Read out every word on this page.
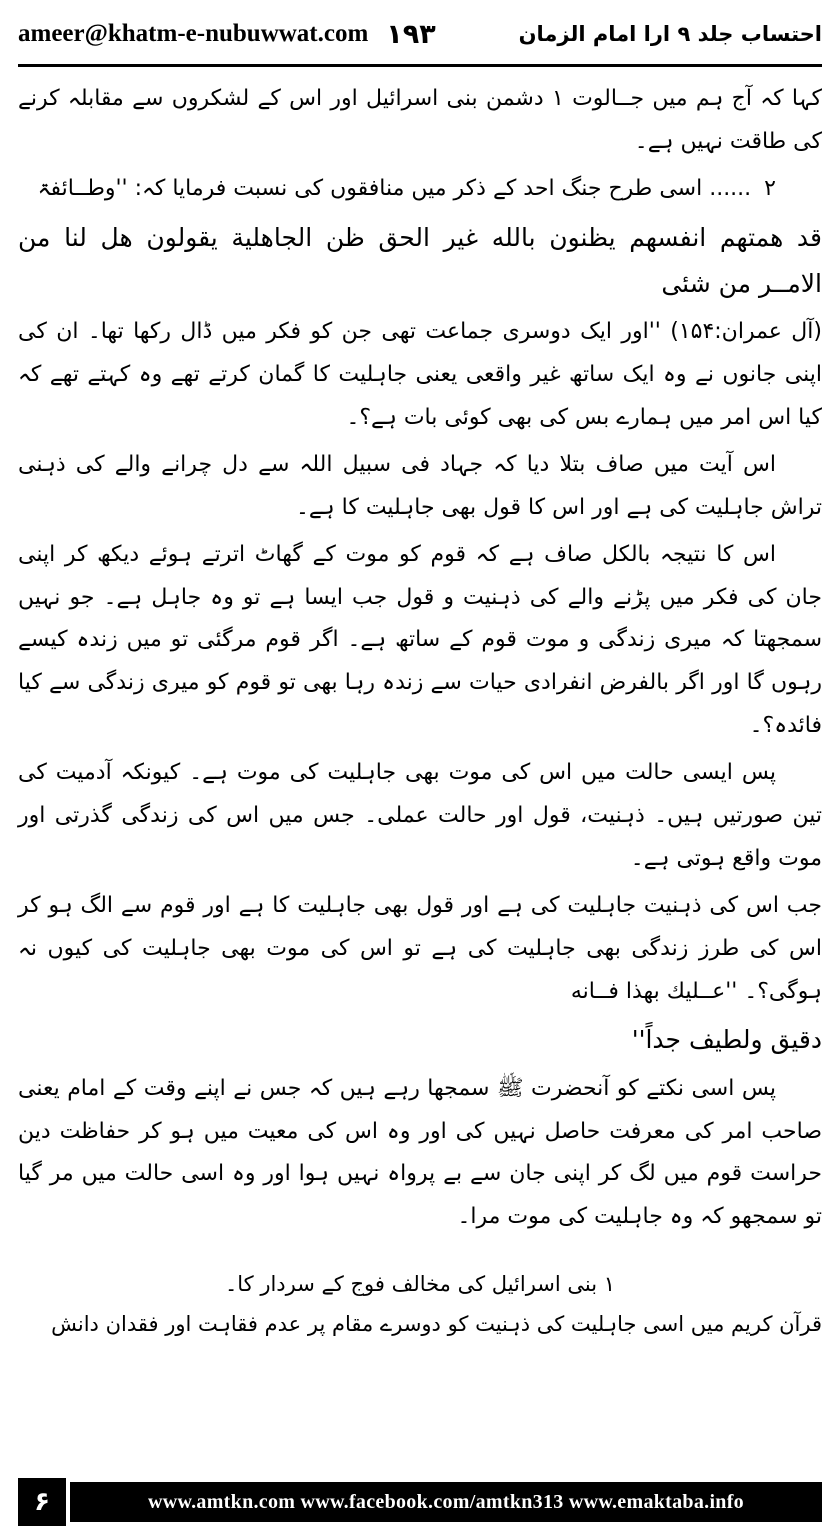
احتساب جلد ۹ ارا امام الزمان
۱۹۳
ameer@khatm-e-nubuwwat.com

کہا کہ آج ہم میں جــالوت ۱ دشمن بنی اسرائیل اور اس کے لشکروں سے مقابلہ کرنے کی طاقت نہیں ہے۔

۲ ...... اسی طرح جنگ احد کے ذکر میں منافقوں کی نسبت فرمایا کہ: ''وطــائفۃ

قد همتهم انفسهم يظنون بالله غير الحق ظن الجاهلية يقولون هل لنا من الامــر من شئى

(آل عمران:۱۵۴) ''اور ایک دوسری جماعت تھی جن کو فکر میں ڈال رکھا تھا۔ ان کی اپنی جانوں نے وہ ایک ساتھ غیر واقعی یعنی جاہلیت کا گمان کرتے تھے وہ کہتے تھے کہ کیا اس امر میں ہمارے بس کی بھی کوئی بات ہے؟۔

اس آیت میں صاف بتلا دیا کہ جہاد فی سبیل اللہ سے دل چرانے والے کی ذہنی تراش جاہلیت کی ہے اور اس کا قول بھی جاہلیت کا ہے۔

اس کا نتیجہ بالکل صاف ہے کہ قوم کو موت کے گھاٹ اترتے ہوئے دیکھ کر اپنی جان کی فکر میں پڑنے والے کی ذہنیت و قول جب ایسا ہے تو وہ جاہل ہے۔ جو نہیں سمجھتا کہ میری زندگی و موت قوم کے ساتھ ہے۔ اگر قوم مرگئی تو میں زندہ کیسے رہوں گا اور اگر بالفرض انفرادی حیات سے زندہ رہا بھی تو قوم کو میری زندگی سے کیا فائدہ؟۔

پس ایسی حالت میں اس کی موت بھی جاہلیت کی موت ہے۔ کیونکہ آدمیت کی تین صورتیں ہیں۔ ذہنیت، قول اور حالت عملی۔ جس میں اس کی زندگی گذرتی اور موت واقع ہوتی ہے۔

جب اس کی ذہنیت جاہلیت کی ہے اور قول بھی جاہلیت کا ہے اور قوم سے الگ ہو کر اس کی طرز زندگی بھی جاہلیت کی ہے تو اس کی موت بھی جاہلیت کی کیوں نہ ہوگی؟۔ ''عــلیك بهذا فــانه

دقيق ولطيف جداً''

پس اسی نکتے کو آنحضرت ﷺ سمجھا رہے ہیں کہ جس نے اپنے وقت کے امام یعنی صاحب امر کی معرفت حاصل نہیں کی اور وہ اس کی معیت میں ہو کر حفاظت دین حراست قوم میں لگ کر اپنی جان سے بے پرواہ نہیں ہوا اور وہ اسی حالت میں مر گیا تو سمجھو کہ وہ جاہلیت کی موت مرا۔

۱ بنی اسرائیل کی مخالف فوج کے سردار کا۔
قرآن کریم میں اسی جاہلیت کی ذہنیت کو دوسرے مقام پر عدم فقاہت اور فقدان دانش
۶	www.amtkn.com www.facebook.com/amtkn313 www.emaktaba.info
